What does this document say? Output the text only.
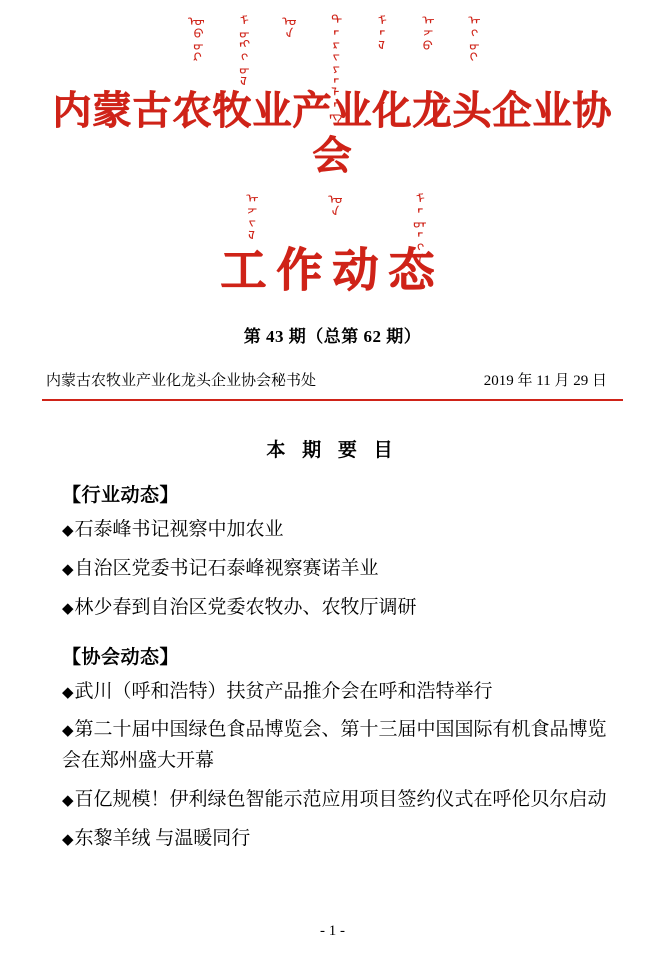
ᠥᠪᠥᠷ ᠮᠣᠩᠭᠣᠯ ᠤᠨ ᠲᠠᠷᠢᠶᠠᠯᠠᠩ ᠮᠠᠯ ᠠᠵᠤ ᠠᠬᠤᠢ
内蒙古农牧业产业化龙头企业协会
ᠠᠵᠢᠯ	ᠤᠨ	ᠮᠡᠳᠡᠭᠡ
工作动态
第 43 期（总第 62 期）
内蒙古农牧业产业化龙头企业协会秘书处	2019 年 11 月 29 日
本 期 要 目
【行业动态】
◆石泰峰书记视察中加农业
◆自治区党委书记石泰峰视察赛诺羊业
◆林少春到自治区党委农牧办、农牧厅调研
【协会动态】
◆武川（呼和浩特）扶贫产品推介会在呼和浩特举行
◆第二十届中国绿色食品博览会、第十三届中国国际有机食品博览会在郑州盛大开幕
◆百亿规模！伊利绿色智能示范应用项目签约仪式在呼伦贝尔启动
◆东黎羊绒 与温暖同行
- 1 -
